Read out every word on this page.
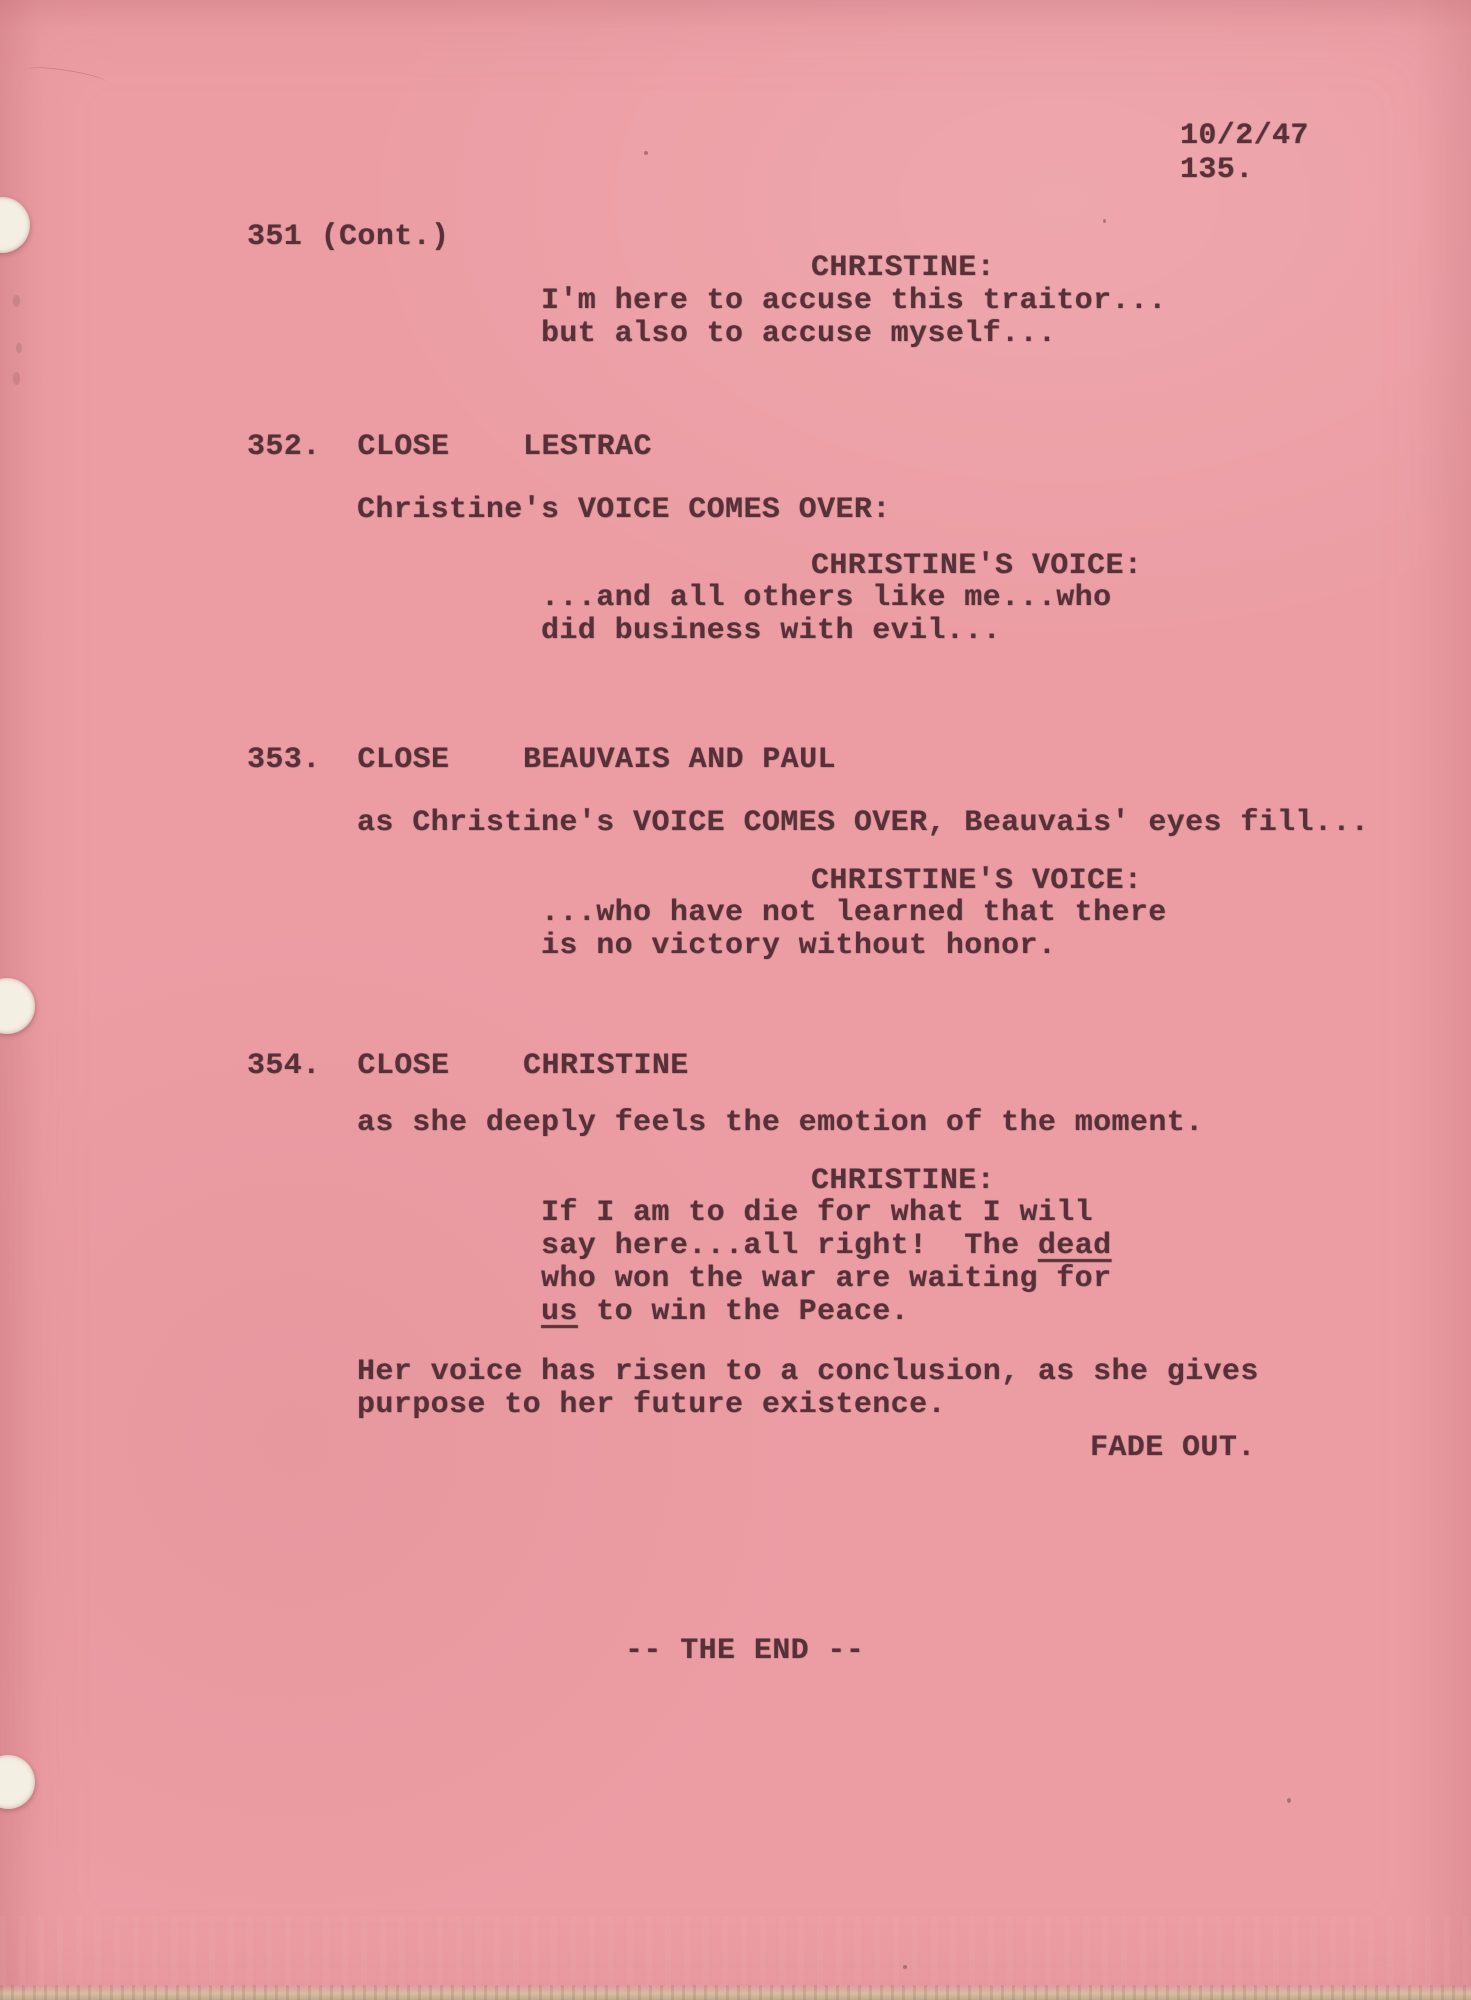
10/2/47
135.
351 (Cont.)
CHRISTINE:
I'm here to accuse this traitor...
but also to accuse myself...
352.  CLOSE    LESTRAC
Christine's VOICE COMES OVER:
CHRISTINE'S VOICE:
...and all others like me...who
did business with evil...
353.  CLOSE    BEAUVAIS AND PAUL
as Christine's VOICE COMES OVER, Beauvais' eyes fill...
CHRISTINE'S VOICE:
...who have not learned that there
is no victory without honor.
354.  CLOSE    CHRISTINE
as she deeply feels the emotion of the moment.
CHRISTINE:
If I am to die for what I will
say here...all right!  The dead
who won the war are waiting for
us to win the Peace.
Her voice has risen to a conclusion, as she gives
purpose to her future existence.
FADE OUT.
-- THE END --
